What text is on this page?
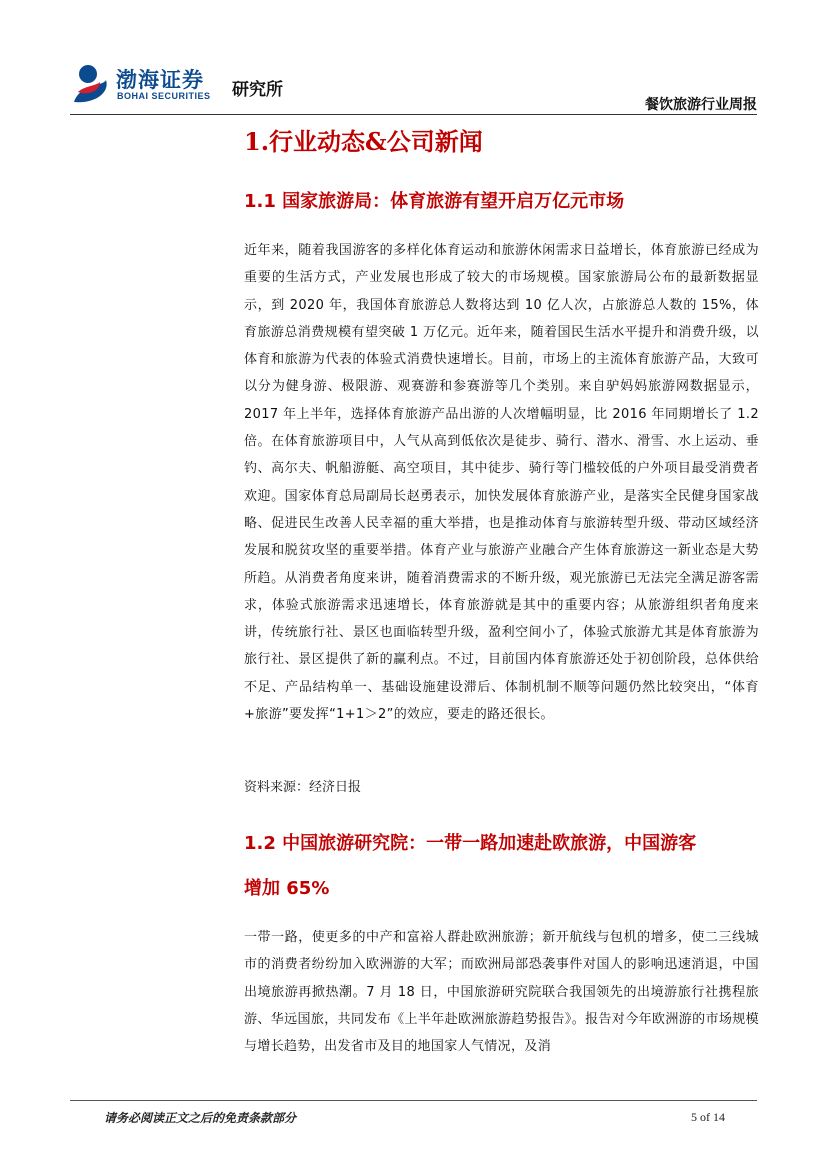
渤海证券
BOHAI SECURITIES 研究所
餐饮旅游行业周报
1.行业动态&公司新闻
1.1 国家旅游局：体育旅游有望开启万亿元市场

近年来，随着我国游客的多样化体育运动和旅游休闲需求日益增长，体育旅游已经成为重要的生活方式，产业发展也形成了较大的市场规模。国家旅游局公布的最新数据显示，到 2020 年，我国体育旅游总人数将达到 10 亿人次，占旅游总人数的 15%，体育旅游总消费规模有望突破 1 万亿元。近年来，随着国民生活水平提升和消费升级，以体育和旅游为代表的体验式消费快速增长。目前，市场上的主流体育旅游产品，大致可以分为健身游、极限游、观赛游和参赛游等几个类别。来自驴妈妈旅游网数据显示，2017 年上半年，选择体育旅游产品出游的人次增幅明显，比 2016 年同期增长了 1.2 倍。在体育旅游项目中，人气从高到低依次是徒步、骑行、潜水、滑雪、水上运动、垂钓、高尔夫、帆船游艇、高空项目，其中徒步、骑行等门槛较低的户外项目最受消费者欢迎。国家体育总局副局长赵勇表示，加快发展体育旅游产业，是落实全民健身国家战略、促进民生改善人民幸福的重大举措，也是推动体育与旅游转型升级、带动区域经济发展和脱贫攻坚的重要举措。体育产业与旅游产业融合产生体育旅游这一新业态是大势所趋。从消费者角度来讲，随着消费需求的不断升级，观光旅游已无法完全满足游客需求，体验式旅游需求迅速增长，体育旅游就是其中的重要内容；从旅游组织者角度来讲，传统旅行社、景区也面临转型升级，盈利空间小了，体验式旅游尤其是体育旅游为旅行社、景区提供了新的赢利点。不过，目前国内体育旅游还处于初创阶段，总体供给不足、产品结构单一、基础设施建设滞后、体制机制不顺等问题仍然比较突出，“体育+旅游”要发挥“1+1＞2”的效应，要走的路还很长。

资料来源：经济日报
1.2 中国旅游研究院：一带一路加速赴欧旅游，中国游客
增加 65%

一带一路，使更多的中产和富裕人群赴欧洲旅游；新开航线与包机的增多，使二三线城市的消费者纷纷加入欧洲游的大军；而欧洲局部恐袭事件对国人的影响迅速消退，中国出境旅游再掀热潮。7 月 18 日，中国旅游研究院联合我国领先的出境游旅行社携程旅游、华远国旅，共同发布《上半年赴欧洲旅游趋势报告》。报告对今年欧洲游的市场规模与增长趋势，出发省市及目的地国家人气情况，及消

请务必阅读正文之后的免责条款部分	5 of 14
